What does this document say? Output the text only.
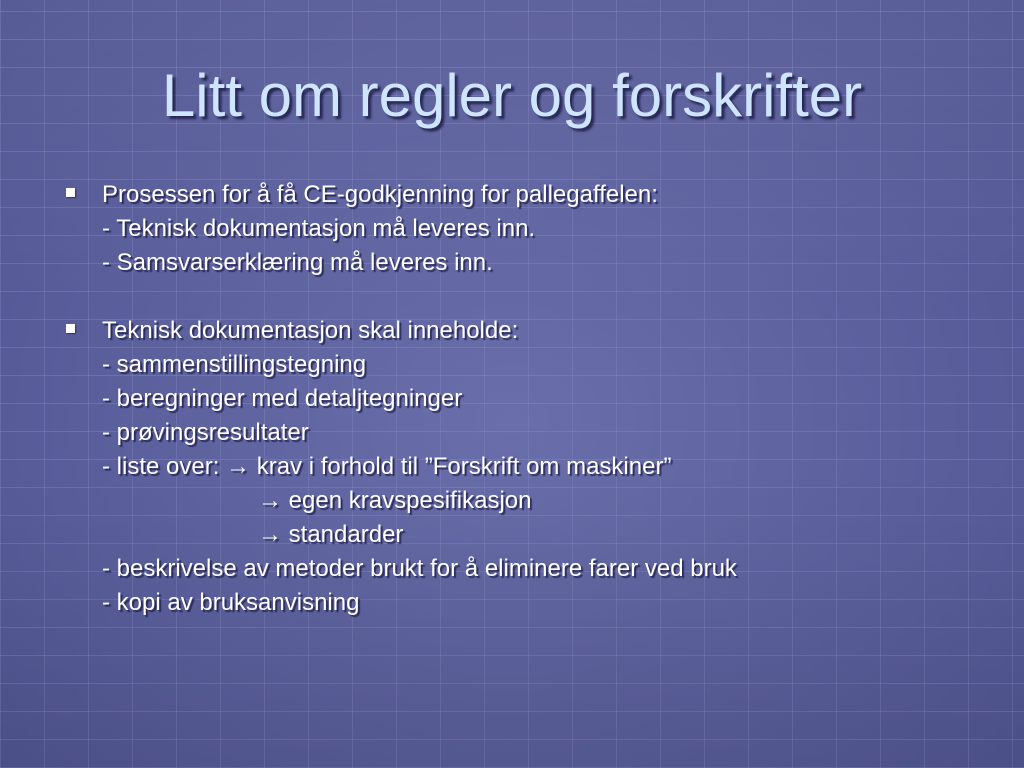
Litt om regler og forskrifter
Prosessen for å få CE-godkjenning for pallegaffelen:
- Teknisk dokumentasjon må leveres inn.
- Samsvarserklæring må leveres inn.
Teknisk dokumentasjon skal inneholde:
- sammenstillingstegning
- beregninger med detaljtegninger
- prøvingsresultater
- liste over: → krav i forhold til ”Forskrift om maskiner”
→ egen kravspesifikasjon
→ standarder
- beskrivelse av metoder brukt for å eliminere farer ved bruk
- kopi av bruksanvisning
